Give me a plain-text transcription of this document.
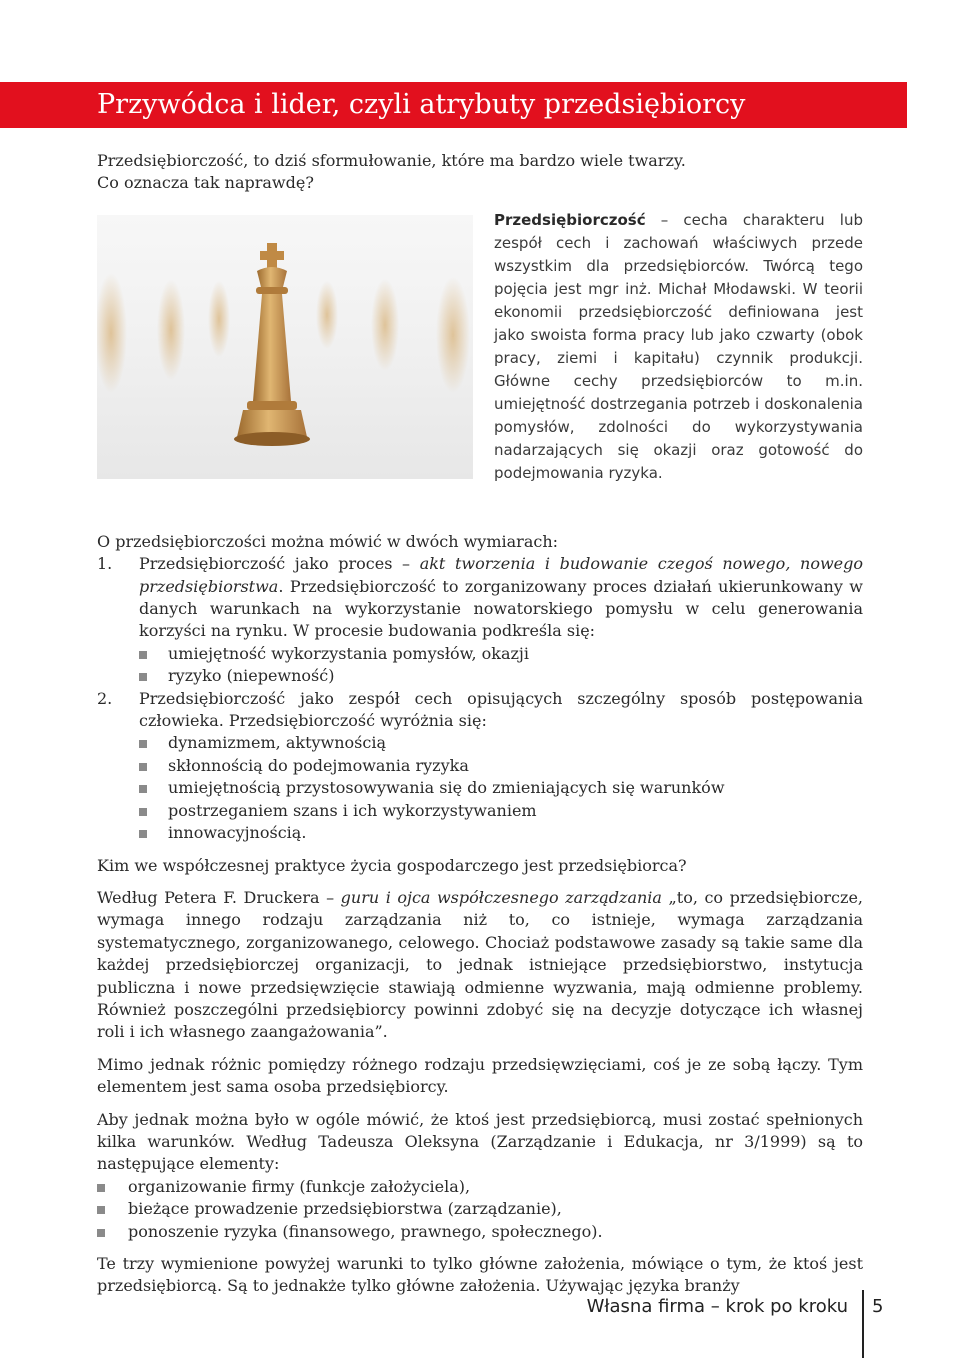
Przywódca i lider, czyli atrybuty przedsiębiorcy

Przedsiębiorczość, to dziś sformułowanie, które ma bardzo wiele twarzy.
Co oznacza tak naprawdę?

Przedsiębiorczość – cecha charakteru lub zespół cech i zachowań właściwych przede wszystkim dla przedsiębiorców. Twórcą tego pojęcia jest mgr inż. Michał Młodawski. W teorii ekonomii przedsiębiorczość definiowana jest jako swoista forma pracy lub jako czwarty (obok pracy, ziemi i kapitału) czynnik produkcji. Główne cechy przedsiębiorców to m.in. umiejętność dostrzegania potrzeb i doskonalenia pomysłów, zdolności do wykorzystywania nadarzających się okazji oraz gotowość do podejmowania ryzyka.

O przedsiębiorczości można mówić w dwóch wymiarach:

1. Przedsiębiorczość jako proces – akt tworzenia i budowanie czegoś nowego, nowego przedsiębiorstwa. Przedsiębiorczość to zorganizowany proces działań ukierunkowany w danych warunkach na wykorzystanie nowatorskiego pomysłu w celu generowania korzyści na rynku. W procesie budowania podkreśla się:
umiejętność wykorzystania pomysłów, okazji
ryzyko (niepewność)
2. Przedsiębiorczość jako zespół cech opisujących szczególny sposób postępowania człowieka. Przedsiębiorczość wyróżnia się:
dynamizmem, aktywnością
skłonnością do podejmowania ryzyka
umiejętnością przystosowywania się do zmieniających się warunków
postrzeganiem szans i ich wykorzystywaniem
innowacyjnością.

Kim we współczesnej praktyce życia gospodarczego jest przedsiębiorca?

Według Petera F. Druckera – guru i ojca współczesnego zarządzania „to, co przedsiębiorcze, wymaga innego rodzaju zarządzania niż to, co istnieje, wymaga zarządzania systematycznego, zorganizowanego, celowego. Chociaż podstawowe zasady są takie same dla każdej przedsiębiorczej organizacji, to jednak istniejące przedsiębiorstwo, instytucja publiczna i nowe przedsięwzięcie stawiają odmienne wyzwania, mają odmienne problemy. Również poszczególni przedsiębiorcy powinni zdobyć się na decyzje dotyczące ich własnej roli i ich własnego zaangażowania”.

Mimo jednak różnic pomiędzy różnego rodzaju przedsięwzięciami, coś je ze sobą łączy. Tym elementem jest sama osoba przedsiębiorcy.

Aby jednak można było w ogóle mówić, że ktoś jest przedsiębiorcą, musi zostać spełnionych kilka warunków. Według Tadeusza Oleksyna (Zarządzanie i Edukacja, nr 3/1999) są to następujące elementy:

organizowanie firmy (funkcje założyciela),
bieżące prowadzenie przedsiębiorstwa (zarządzanie),
ponoszenie ryzyka (finansowego, prawnego, społecznego).

Te trzy wymienione powyżej warunki to tylko główne założenia, mówiące o tym, że ktoś jest przedsiębiorcą. Są to jednakże tylko główne założenia. Używając języka branży

Własna firma – krok po kroku 5
